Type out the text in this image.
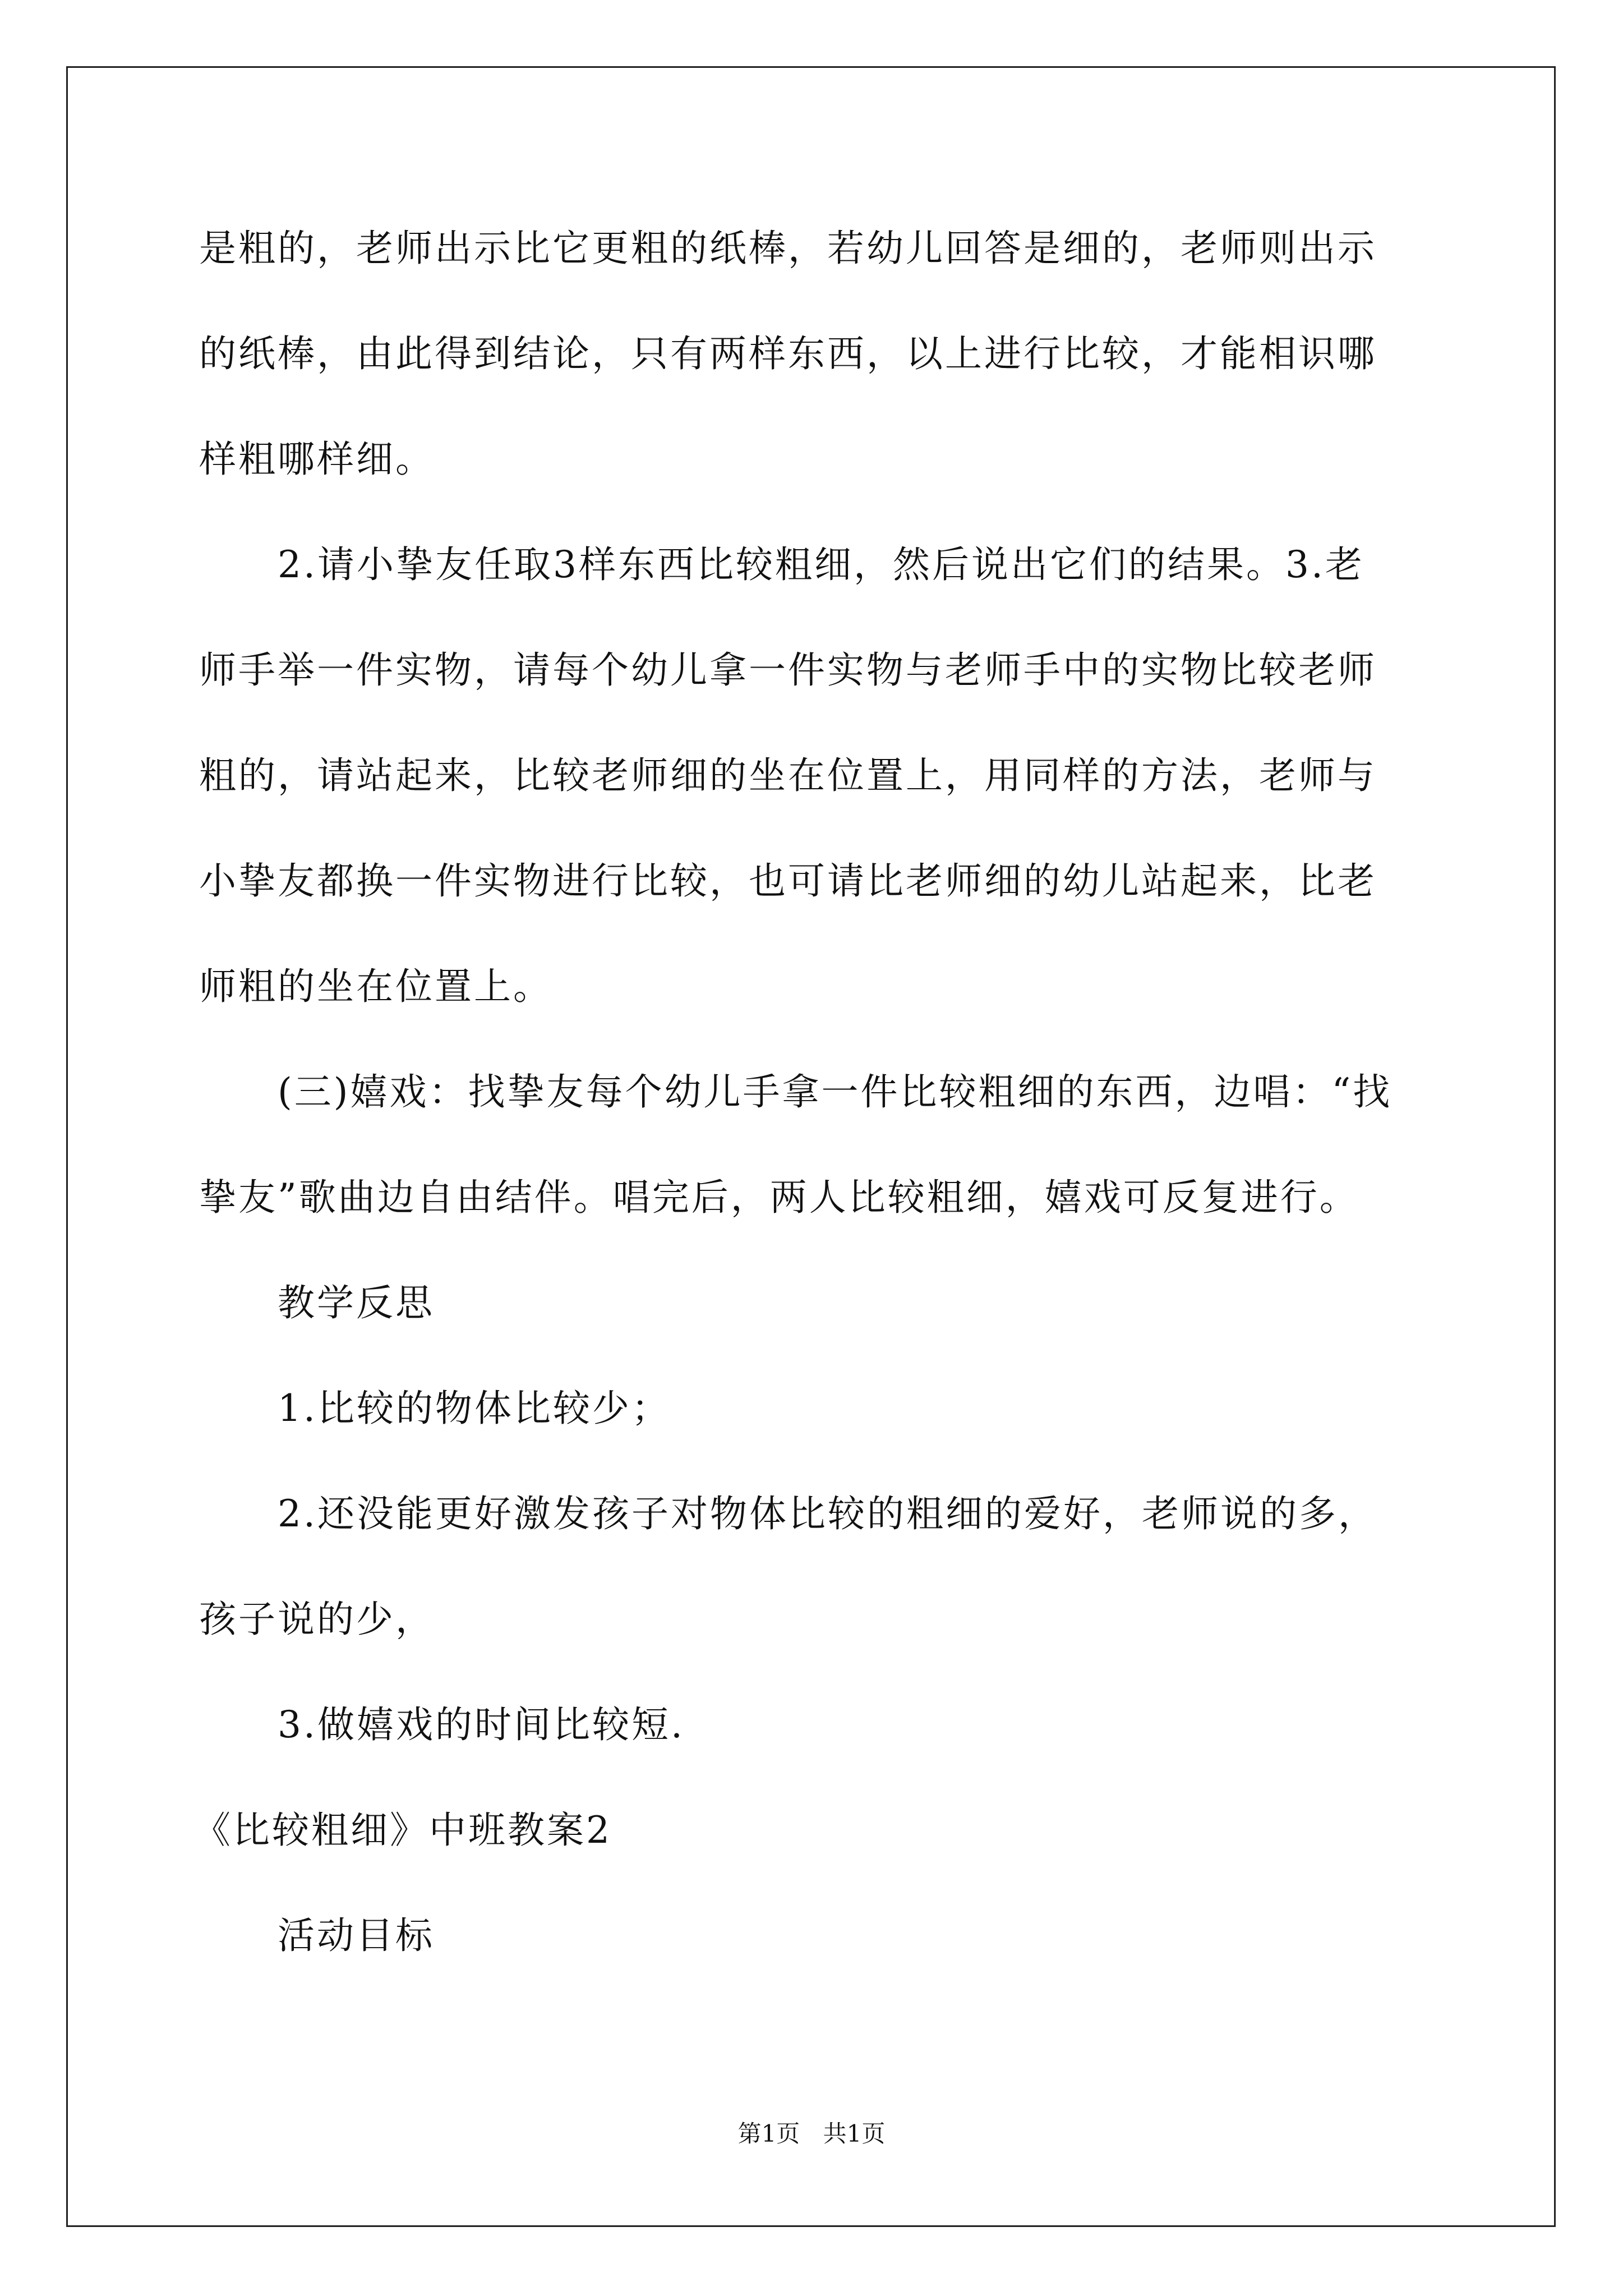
是粗的，老师出示比它更粗的纸棒，若幼儿回答是细的，老师则出示
的纸棒，由此得到结论，只有两样东西，以上进行比较，才能相识哪
样粗哪样细。
2.请小挚友任取3样东西比较粗细，然后说出它们的结果。3.老
师手举一件实物，请每个幼儿拿一件实物与老师手中的实物比较老师
粗的，请站起来，比较老师细的坐在位置上，用同样的方法，老师与
小挚友都换一件实物进行比较，也可请比老师细的幼儿站起来，比老
师粗的坐在位置上。
(三)嬉戏：找挚友每个幼儿手拿一件比较粗细的东西，边唱：“找
挚友”歌曲边自由结伴。唱完后，两人比较粗细，嬉戏可反复进行。
教学反思
1.比较的物体比较少；
2.还没能更好激发孩子对物体比较的粗细的爱好，老师说的多，
孩子说的少，
3.做嬉戏的时间比较短.
《比较粗细》中班教案2
活动目标
第1页 共1页
